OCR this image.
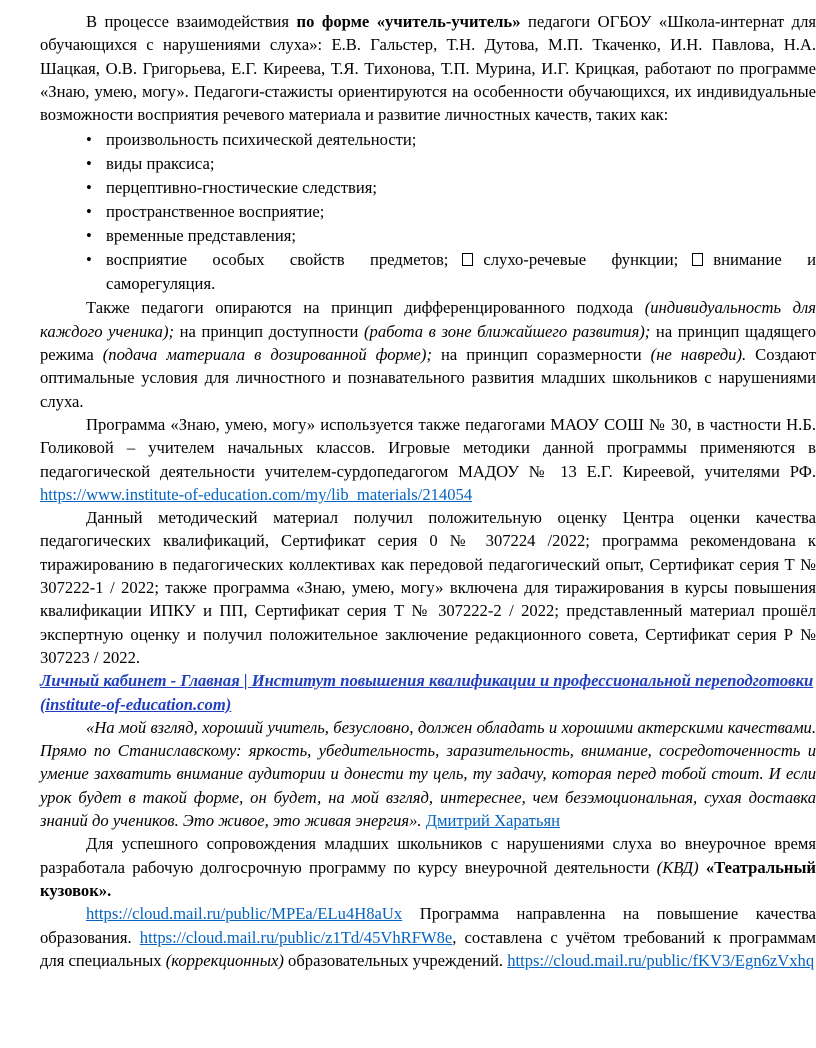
В процессе взаимодействия по форме «учитель-учитель» педагоги ОГБОУ «Школа-интернат для обучающихся с нарушениями слуха»: Е.В. Гальстер, Т.Н. Дутова, М.П. Ткаченко, И.Н. Павлова, Н.А. Шацкая, О.В. Григорьева, Е.Г. Киреева, Т.Я. Тихонова, Т.П. Мурина, И.Г. Крицкая, работают по программе «Знаю, умею, могу». Педагоги-стажисты ориентируются на особенности обучающихся, их индивидуальные возможности восприятия речевого материала и развитие личностных качеств, таких как:

• произвольность психической деятельности;
• виды праксиса;
• перцептивно-гностические следствия;
• пространственное восприятие;
• временные представления;
• восприятие особых свойств предметов; слухо-речевые функции; внимание и саморегуляция.

Также педагоги опираются на принцип дифференцированного подхода (индивидуальность для каждого ученика); на принцип доступности (работа в зоне ближайшего развития); на принцип щадящего режима (подача материала в дозированной форме); на принцип соразмерности (не навреди). Создают оптимальные условия для личностного и познавательного развития младших школьников с нарушениями слуха.

Программа «Знаю, умею, могу» используется также педагогами МАОУ СОШ № 30, в частности Н.Б. Голиковой – учителем начальных классов. Игровые методики данной программы применяются в педагогической деятельности учителем-сурдопедагогом МАДОУ № 13 Е.Г. Киреевой, учителями РФ. https://www.institute-of-education.com/my/lib_materials/214054

Данный методический материал получил положительную оценку Центра оценки качества педагогических квалификаций, Сертификат серия 0 № 307224 /2022; программа рекомендована к тиражированию в педагогических коллективах как передовой педагогический опыт, Сертификат серия Т № 307222-1 / 2022; также программа «Знаю, умею, могу» включена для тиражирования в курсы повышения квалификации ИПКУ и ПП, Сертификат серия Т № 307222-2 / 2022; представленный материал прошёл экспертную оценку и получил положительное заключение редакционного совета, Сертификат серия Р № 307223 / 2022.

Личный кабинет - Главная | Институт повышения квалификации и профессиональной переподготовки (institute-of-education.com)

«На мой взгляд, хороший учитель, безусловно, должен обладать и хорошими актерскими качествами. Прямо по Станиславскому: яркость, убедительность, заразительность, внимание, сосредоточенность и умение захватить внимание аудитории и донести ту цель, ту задачу, которая перед тобой стоит. И если урок будет в такой форме, он будет, на мой взгляд, интереснее, чем безэмоциональная, сухая доставка знаний до учеников. Это живое, это живая энергия». Дмитрий Харатьян

Для успешного сопровождения младших школьников с нарушениями слуха во внеурочное время разработала рабочую долгосрочную программу по курсу внеурочной деятельности (КВД) «Театральный кузовок».

https://cloud.mail.ru/public/MPEa/ELu4H8aUx Программа направленна на повышение качества образования. https://cloud.mail.ru/public/z1Td/45VhRFW8e, составлена с учётом требований к программам для специальных (коррекционных) образовательных учреждений. https://cloud.mail.ru/public/fKV3/Egn6zVxhq
